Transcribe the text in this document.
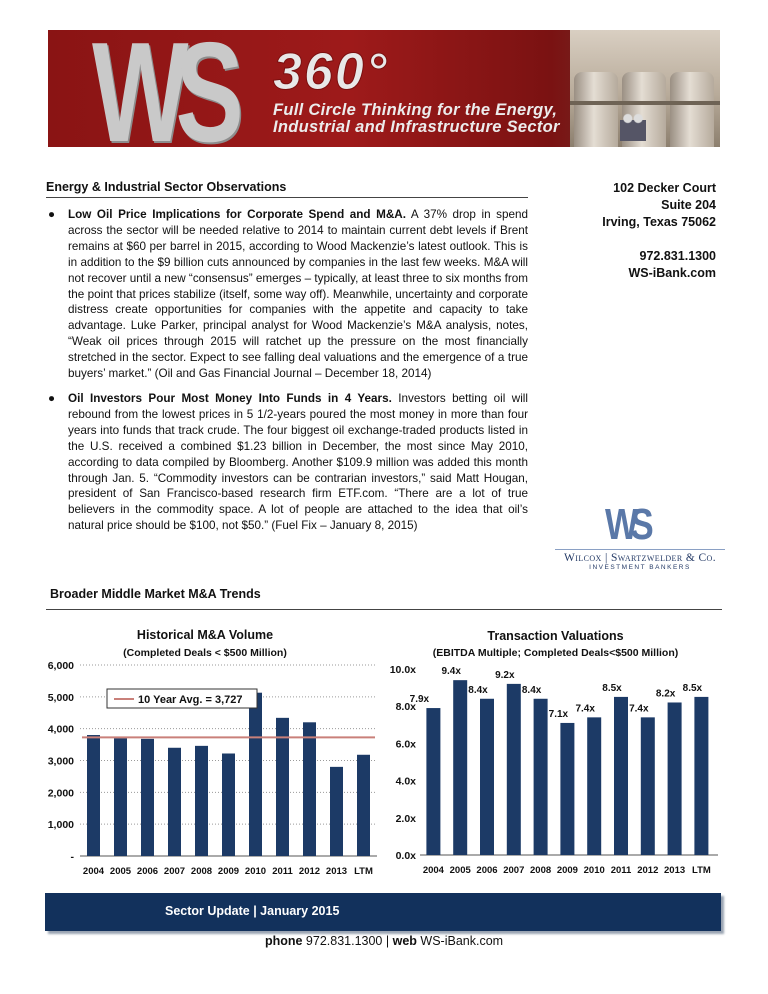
WS 360°
Full Circle Thinking for the Energy,
Industrial and Infrastructure Sector
Energy & Industrial Sector Observations	102 Decker Court
Suite 204
Irving, Texas 75062
972.831.1300
WS-iBank.com
● Low Oil Price Implications for Corporate Spend and M&A. A 37% drop in spend across the sector will be needed relative to 2014 to maintain current debt levels if Brent remains at $60 per barrel in 2015, according to Wood Mackenzie’s latest outlook. This is in addition to the $9 billion cuts announced by companies in the last few weeks. M&A will not recover until a new “consensus” emerges – typically, at least three to six months from the point that prices stabilize (itself, some way off). Meanwhile, uncertainty and corporate distress create opportunities for companies with the appetite and capacity to take advantage. Luke Parker, principal analyst for Wood Mackenzie’s M&A analysis, notes, “Weak oil prices through 2015 will ratchet up the pressure on the most financially stretched in the sector. Expect to see falling deal valuations and the emergence of a true buyers’ market.” (Oil and Gas Financial Journal – December 18, 2014)
● Oil Investors Pour Most Money Into Funds in 4 Years. Investors betting oil will rebound from the lowest prices in 5 1/2-years poured the most money in more than four years into funds that track crude. The four biggest oil exchange-traded products listed in the U.S. received a combined $1.23 billion in December, the most since May 2010, according to data compiled by Bloomberg. Another $109.9 million was added this month through Jan. 5. “Commodity investors can be contrarian investors,” said Matt Hougan, president of San Francisco-based research firm ETF.com. “There are a lot of true believers in the commodity space. A lot of people are attached to the idea that oil’s natural price should be $100, not $50.” (Fuel Fix – January 8, 2015)	WS
Wilcox | Swartzwelder & Co.
INVESTMENT BANKERS
Broader Middle Market M&A Trends
Historical M&A Volume
(Completed Deals < $500 Million)
-
1,000
2,000
3,000
4,000
5,000
6,000
2004 2005 2006 2007 2008 2009 2010 2011 2012 2013 LTM
10 Year Avg. = 3,727
Transaction Valuations
(EBITDA Multiple; Completed Deals<$500 Million)
0.0x
2.0x
4.0x
6.0x
8.0x
10.0x
2004
7.9x
2005
9.4x
2006
8.4x
2007
9.2x
2008
8.4x
2009
7.1x
2010
7.4x
2011
8.5x
2012
7.4x
2013
8.2x
LTM
8.5x
Sector Update | January 2015
phone 972.831.1300 | web WS-iBank.com
